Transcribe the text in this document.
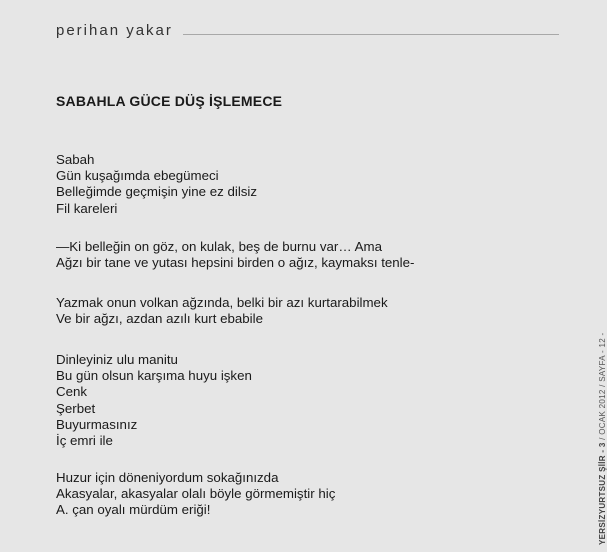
perihan yakar
SABAHLA GÜCE DÜŞ İŞLEMECE
Sabah
Gün kuşağımda ebegümeci
Belleğimde geçmişin yine ez dilsiz
Fil kareleri
—Ki belleğin on göz, on kulak, beş de burnu var… Ama
Ağzı bir tane ve yutası hepsini birden o ağız, kaymaksı tenle-
Yazmak onun volkan ağzında, belki bir azı kurtarabilmek
Ve bir ağzı, azdan azılı kurt ebabile
Dinleyiniz ulu manitu
Bu gün olsun karşıma huyu işken
Cenk
Şerbet
Buyurmasınız
İç emri ile
Huzur için döneniyordum sokağınızda
Akasyalar, akasyalar olalı böyle görmemiştir hiç
A. çan oyalı mürdüm eriği!	YERSİZYURTSUZ ŞİİR - 3 / OCAK 2012 / SAYFA - 12 -
